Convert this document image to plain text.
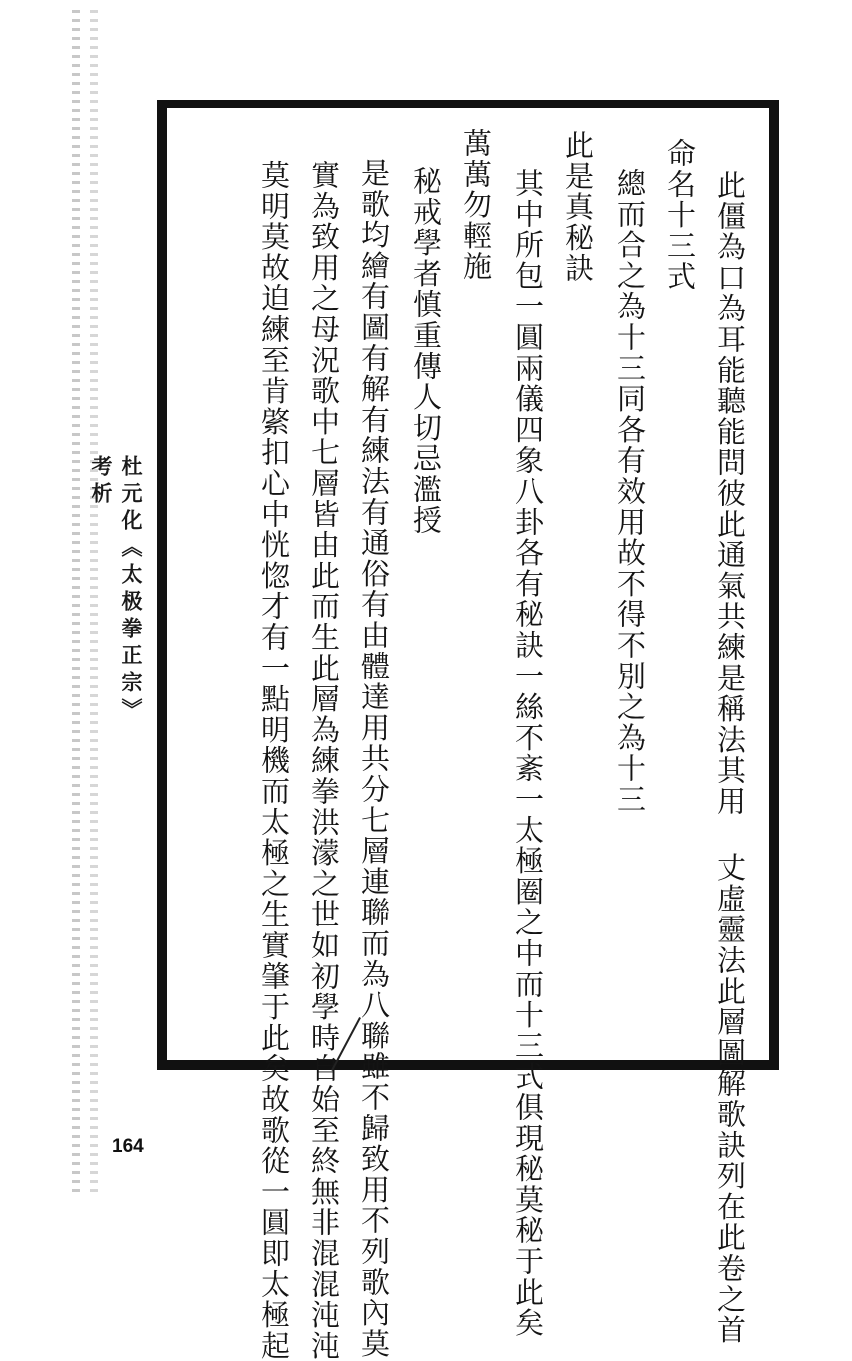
杜元化《太极拳正宗》考析
164	此僵為口為耳能聽能問彼此通氣共練是稱法其用 丈虛靈法此層圖解歌訣列在此卷之首
命名十三式
總而合之為十三同各有效用故不得不別之為十三
此是真秘訣
其中所包一圓兩儀四象八卦各有秘訣一絲不紊一太極圈之中而十三式俱現秘莫秘于此矣
萬萬勿輕施
秘戒學者慎重傳人切忌濫授
是歌均繪有圖有解有練法有通俗有由體達用共分七層連聯而為八聯雖不歸致用不列歌內莫
實為致用之母況歌中七層皆由此而生此層為練拳洪濛之世如初學時自始至終無非混混沌沌
莫明莫故迫練至肯綮扣心中恍惚才有一點明機而太極之生實肇于此矣故歌從一圓即太極起
